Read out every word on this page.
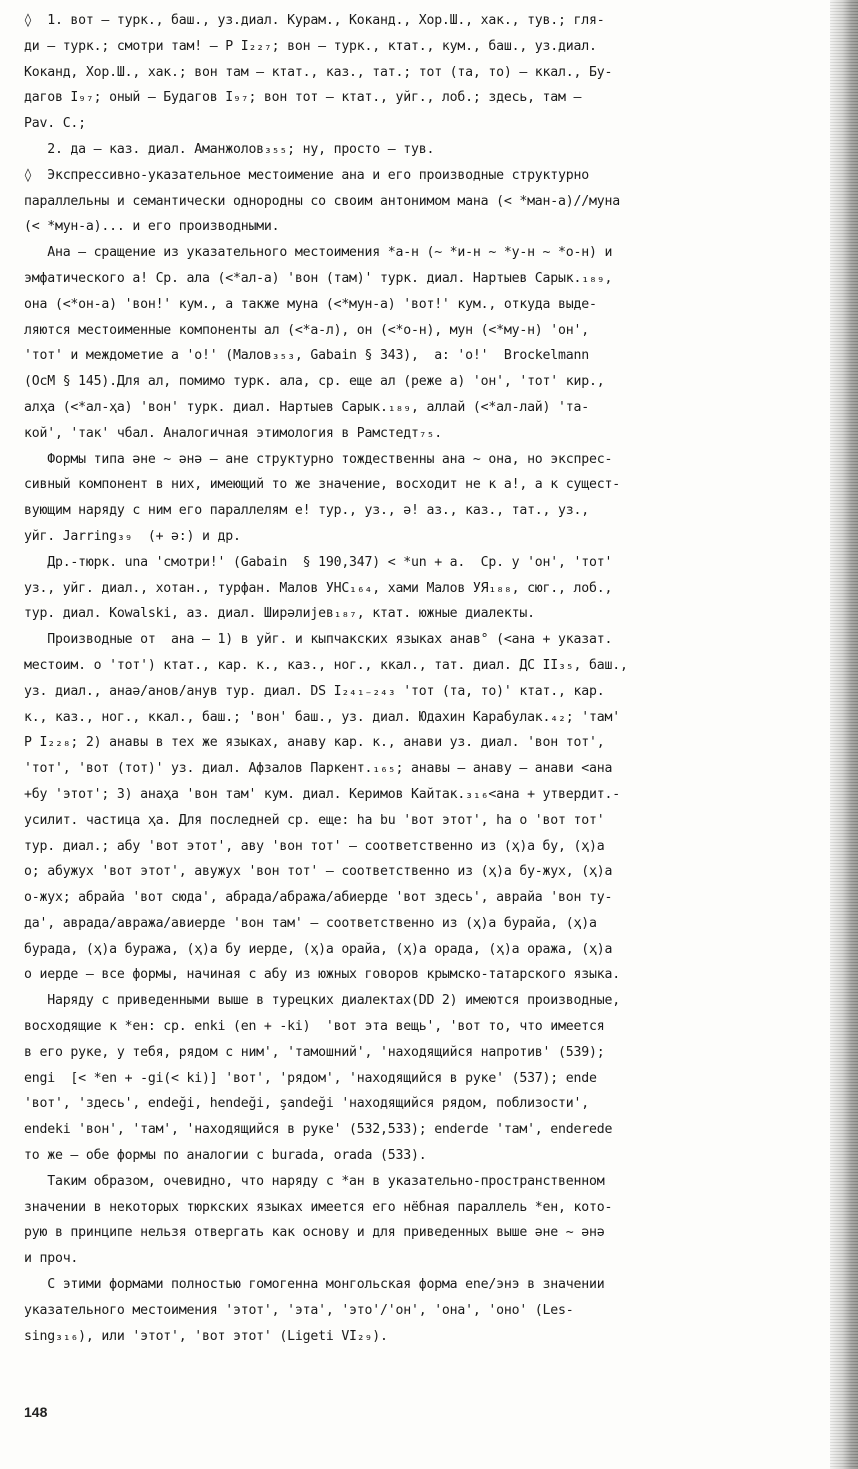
◊  1. вот – турк., баш., уз.диал. Курам., Коканд., Хор.Ш., хак., тув.; гля-
ди – турк.; смотри там! – Р I₂₂₇; вон – турк., ктат., кум., баш., уз.диал.
Коканд, Хор.Ш., хак.; вон там – ктат., каз., тат.; тот (та, то) – ккал., Бу-
дагов I₉₇; оный – Будагов I₉₇; вон тот – ктат., уйг., лоб.; здесь, там –
Pav. C.;
2. да – каз. диал. Аманжолов₃₅₅; ну, просто – тув.
◊  Экспрессивно-указательное местоимение ана и его производные структурно
параллельны и семантически однородны со своим антонимом мана (< *ман-а)//муна
(< *мун-а)... и его производными.
Ана – сращение из указательного местоимения *а-н (~ *и-н ~ *у-н ~ *о-н) и
эмфатического а! Ср. ала (<*ал-а) 'вон (там)' турк. диал. Нартыев Сарык.₁₈₉,
она (<*он-а) 'вон!' кум., а также муна (<*мун-а) 'вот!' кум., откуда выде-
ляются местоименные компоненты ал (<*а-л), он (<*о-н), мун (<*му-н) 'он',
'тот' и междометие а 'о!' (Малов₃₅₃, Gabain § 343),  а: 'о!'  Brockelmann
(OсM § 145).Для ал, помимо турк. ала, ср. еще ал (реже а) 'он', 'тот' кир.,
алҳа (<*ал-ҳа) 'вон' турк. диал. Нартыев Сарык.₁₈₉, аллай (<*ал-лай) 'та-
кой', 'так' чбал. Аналогичная этимология в Рамстедт₇₅.
Формы типа әне ~ әнә – ане структурно тождественны ана ~ она, но экспрес-
сивный компонент в них, имеющий то же значение, восходит не к а!, а к сущест-
вующим наряду с ним его параллелям е! тур., уз., ә! аз., каз., тат., уз.,
уйг. Jarring₃₉  (+ ә:) и др.
Др.-тюрк. una 'смотри!' (Gabain  § 190,347) < *un + a.  Ср. у 'он', 'тот'
уз., уйг. диал., хотан., турфан. Малов УНС₁₆₄, хами Малов УЯ₁₈₈, сюг., лоб.,
тур. диал. Kowalski, аз. диал. Ширәлиjев₁₈₇, ктат. южные диалекты.
Производные от  ана – 1) в уйг. и кыпчакских языках анав° (<ана + указат.
местоим. о 'тот') ктат., кар. к., каз., ног., ккал., тат. диал. ДС II₃₅, баш.,
уз. диал., анаә/анов/анув тур. диал. DS I₂₄₁₋₂₄₃ 'тот (та, то)' ктат., кар.
к., каз., ног., ккал., баш.; 'вон' баш., уз. диал. Юдахин Карабулак.₄₂; 'там'
Р I₂₂₈; 2) анавы в тех же языках, анаву кар. к., анави уз. диал. 'вон тот',
'тот', 'вот (тот)' уз. диал. Афзалов Паркент.₁₆₅; анавы – анаву – анави <ана
+бу 'этот'; 3) анаҳа 'вон там' кум. диал. Керимов Кайтак.₃₁₆<ана + утвердит.-
усилит. частица ҳа. Для последней ср. еще: ha bu 'вот этот', ha o 'вот тот'
тур. диал.; абу 'вот этот', аву 'вон тот' – соответственно из (ҳ)а бу, (ҳ)а
о; абужух 'вот этот', авужух 'вон тот' – соответственно из (ҳ)а бу-жух, (ҳ)а
о-жух; абрайа 'вот сюда', абрада/абража/абиерде 'вот здесь', аврайа 'вон ту-
да', аврада/авража/авиерде 'вон там' – соответственно из (ҳ)а бурайа, (ҳ)а
бурада, (ҳ)а буража, (ҳ)а бу иерде, (ҳ)а орайа, (ҳ)а орада, (ҳ)а оража, (ҳ)а
о иерде – все формы, начиная с абу из южных говоров крымско-татарского языка.
Наряду с приведенными выше в турецких диалектах(DD 2) имеются производные,
восходящие к *ен: ср. enki (en + -ki)  'вот эта вещь', 'вот то, что имеется
в его руке, у тебя, рядом с ним', 'тамошний', 'находящийся напротив' (539);
engi  [< *en + -gi(< ki)] 'вот', 'рядом', 'находящийся в руке' (537); ende
'вот', 'здесь', endeği, hendeği, şandeği 'находящийся рядом, поблизости',
endeki 'вон', 'там', 'находящийся в руке' (532,533); enderde 'там', enderede
то же – обе формы по аналогии с burada, orada (533).
Таким образом, очевидно, что наряду с *ан в указательно-пространственном
значении в некоторых тюркских языках имеется его нёбная параллель *ен, кото-
рую в принципе нельзя отвергать как основу и для приведенных выше әне ~ әнә
и проч.
С этими формами полностью гомогенна монгольская форма ene/энэ в значении
указательного местоимения 'этот', 'эта', 'это'/'он', 'она', 'оно' (Les-
sing₃₁₆), или 'этот', 'вот этот' (Ligeti VI₂₉).
148
